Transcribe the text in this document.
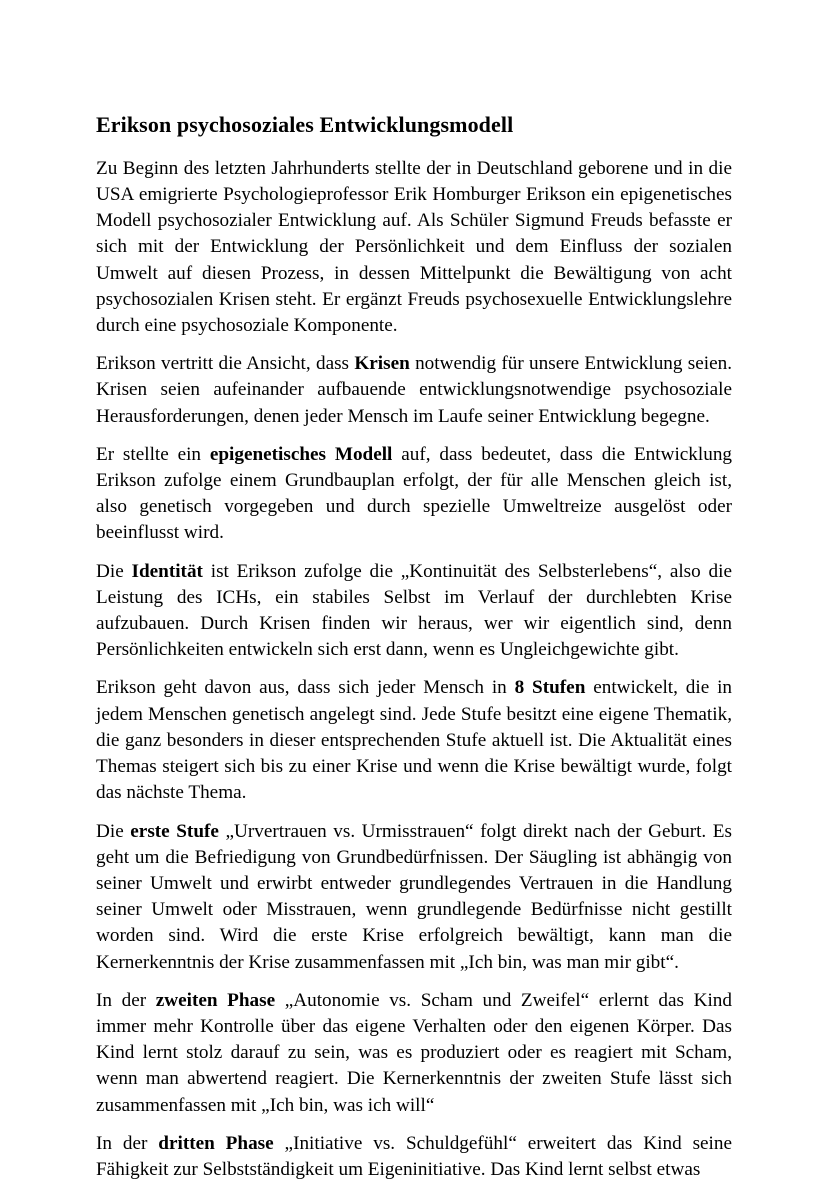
Erikson psychosoziales Entwicklungsmodell

Zu Beginn des letzten Jahrhunderts stellte der in Deutschland geborene und in die USA emigrierte Psychologieprofessor Erik Homburger Erikson ein epigenetisches Modell psychosozialer Entwicklung auf. Als Schüler Sigmund Freuds befasste er sich mit der Entwicklung der Persönlichkeit und dem Einfluss der sozialen Umwelt auf diesen Prozess, in dessen Mittelpunkt die Bewältigung von acht psychosozialen Krisen steht. Er ergänzt Freuds psychosexuelle Entwicklungslehre durch eine psychosoziale Komponente.

Erikson vertritt die Ansicht, dass Krisen notwendig für unsere Entwicklung seien. Krisen seien aufeinander aufbauende entwicklungsnotwendige psychosoziale Herausforderungen, denen jeder Mensch im Laufe seiner Entwicklung begegne.

Er stellte ein epigenetisches Modell auf, dass bedeutet, dass die Entwicklung Erikson zufolge einem Grundbauplan erfolgt, der für alle Menschen gleich ist, also genetisch vorgegeben und durch spezielle Umweltreize ausgelöst oder beeinflusst wird.

Die Identität ist Erikson zufolge die „Kontinuität des Selbsterlebens“, also die Leistung des ICHs, ein stabiles Selbst im Verlauf der durchlebten Krise aufzubauen. Durch Krisen finden wir heraus, wer wir eigentlich sind, denn Persönlichkeiten entwickeln sich erst dann, wenn es Ungleichgewichte gibt.

Erikson geht davon aus, dass sich jeder Mensch in 8 Stufen entwickelt, die in jedem Menschen genetisch angelegt sind. Jede Stufe besitzt eine eigene Thematik, die ganz besonders in dieser entsprechenden Stufe aktuell ist. Die Aktualität eines Themas steigert sich bis zu einer Krise und wenn die Krise bewältigt wurde, folgt das nächste Thema.

Die erste Stufe „Urvertrauen vs. Urmisstrauen“ folgt direkt nach der Geburt. Es geht um die Befriedigung von Grundbedürfnissen. Der Säugling ist abhängig von seiner Umwelt und erwirbt entweder grundlegendes Vertrauen in die Handlung seiner Umwelt oder Misstrauen, wenn grundlegende Bedürfnisse nicht gestillt worden sind. Wird die erste Krise erfolgreich bewältigt, kann man die Kernerkenntnis der Krise zusammenfassen mit „Ich bin, was man mir gibt“.

In der zweiten Phase „Autonomie vs. Scham und Zweifel“ erlernt das Kind immer mehr Kontrolle über das eigene Verhalten oder den eigenen Körper. Das Kind lernt stolz darauf zu sein, was es produziert oder es reagiert mit Scham, wenn man abwertend reagiert. Die Kernerkenntnis der zweiten Stufe lässt sich zusammenfassen mit „Ich bin, was ich will“

In der dritten Phase „Initiative vs. Schuldgefühl“ erweitert das Kind seine Fähigkeit zur Selbstständigkeit um Eigeninitiative. Das Kind lernt selbst etwas
